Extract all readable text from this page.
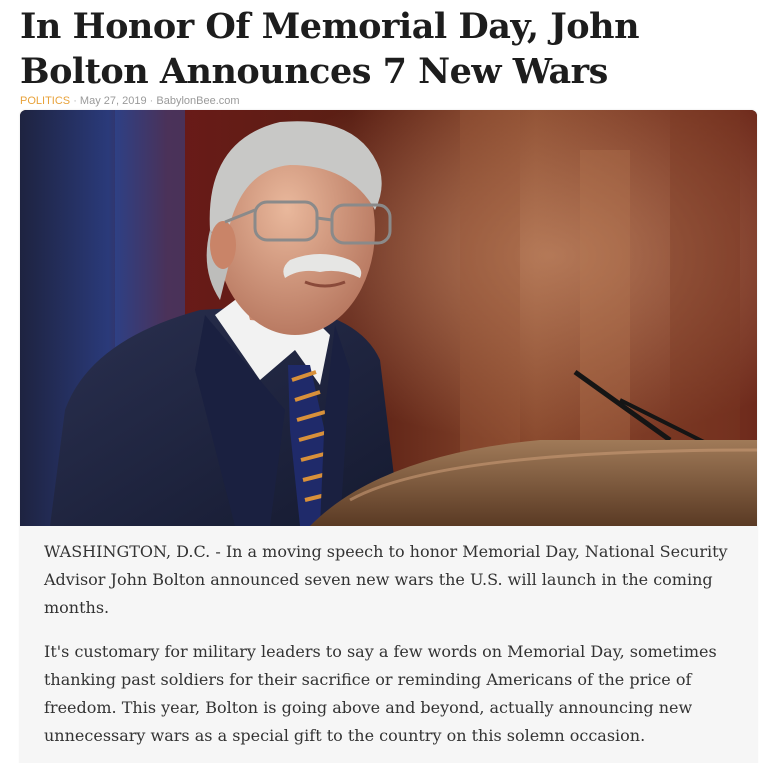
In Honor Of Memorial Day, John Bolton Announces 7 New Wars
POLITICS · May 27, 2019 · BabylonBee.com

WASHINGTON, D.C. - In a moving speech to honor Memorial Day, National Security Advisor John Bolton announced seven new wars the U.S. will launch in the coming months.

It's customary for military leaders to say a few words on Memorial Day, sometimes thanking past soldiers for their sacrifice or reminding Americans of the price of freedom. This year, Bolton is going above and beyond, actually announcing new unnecessary wars as a special gift to the country on this solemn occasion.
